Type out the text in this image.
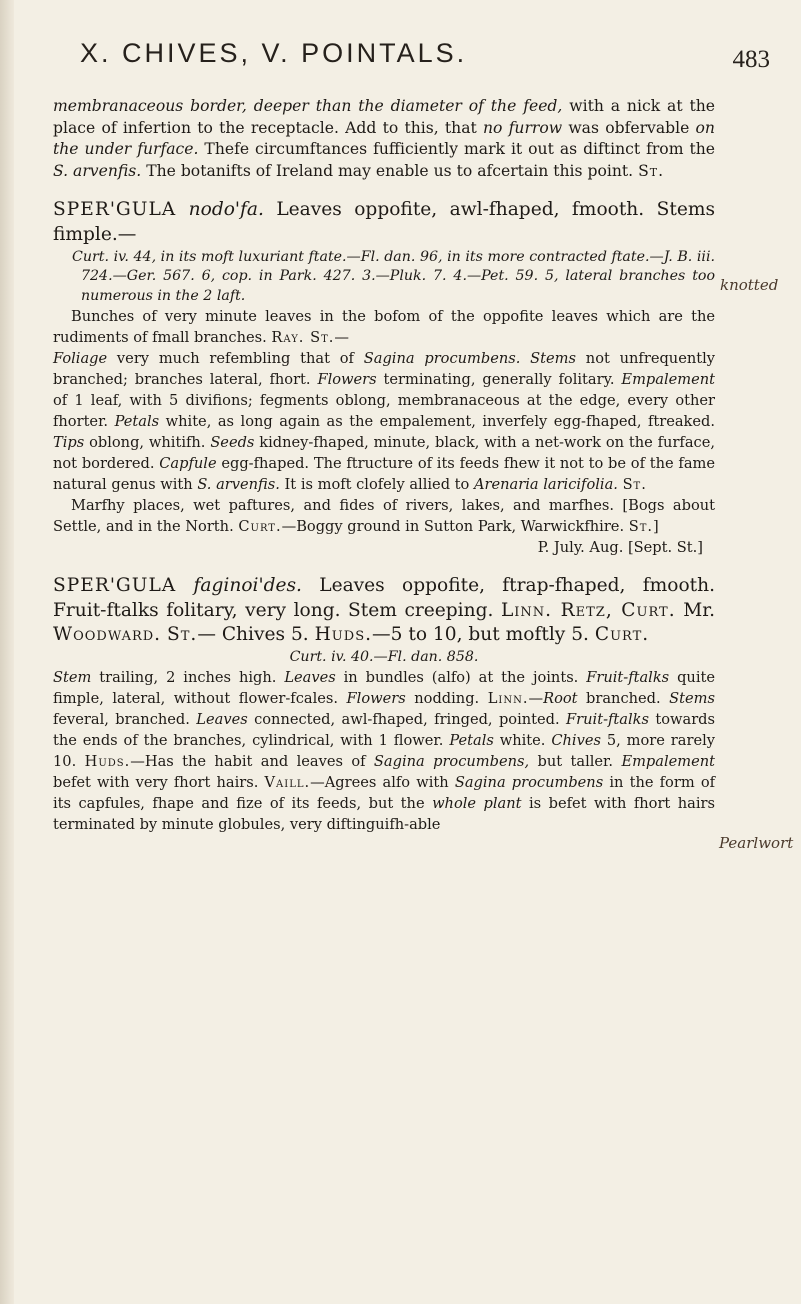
X. CHIVES, V. POINTALS.	483
knotted
Pearlwort

membranaceous border, deeper than the diameter of the feed, with a nick at the place of infertion to the receptacle. Add to this, that no furrow was obfervable on the under furface. Thefe circumftances fufficiently mark it out as diftinct from the S. arvenfis. The botanifts of Ireland may enable us to afcertain this point. St.

SPER'GULA nodo'fa. Leaves oppofite, awl-fhaped, fmooth. Stems fimple.—

Curt. iv. 44, in its moft luxuriant ftate.—Fl. dan. 96, in its more contracted ftate.—J. B. iii. 724.—Ger. 567. 6, cop. in Park. 427. 3.—Pluk. 7. 4.—Pet. 59. 5, lateral branches too numerous in the 2 laft.

Bunches of very minute leaves in the bofom of the oppofite leaves which are the rudiments of fmall branches. Ray. St.—

Foliage very much refembling that of Sagina procumbens. Stems not unfrequently branched; branches lateral, fhort. Flowers terminating, generally folitary. Empalement of 1 leaf, with 5 divifions; fegments oblong, membranaceous at the edge, every other fhorter. Petals white, as long again as the empalement, inverfely egg-fhaped, ftreaked. Tips oblong, whitifh. Seeds kidney-fhaped, minute, black, with a net-work on the furface, not bordered. Capfule egg-fhaped. The ftructure of its feeds fhew it not to be of the fame natural genus with S. arvenfis. It is moft clofely allied to Arenaria laricifolia. St.

Marfhy places, wet paftures, and fides of rivers, lakes, and marfhes. [Bogs about Settle, and in the North. Curt.—Boggy ground in Sutton Park, Warwickfhire. St.]

P. July. Aug. [Sept. St.]

SPER'GULA faginoi'des. Leaves oppofite, ftrap-fhaped, fmooth. Fruit-ftalks folitary, very long. Stem creeping. Linn. Retz, Curt. Mr. Woodward. St.— Chives 5. Huds.—5 to 10, but moftly 5. Curt.

Curt. iv. 40.—Fl. dan. 858.

Stem trailing, 2 inches high. Leaves in bundles (alfo) at the joints. Fruit-ftalks quite fimple, lateral, without flower-fcales. Flowers nodding. Linn.—Root branched. Stems feveral, branched. Leaves connected, awl-fhaped, fringed, pointed. Fruit-ftalks towards the ends of the branches, cylindrical, with 1 flower. Petals white. Chives 5, more rarely 10. Huds.—Has the habit and leaves of Sagina procumbens, but taller. Empalement befet with very fhort hairs. Vaill.—Agrees alfo with Sagina procumbens in the form of its capfules, fhape and fize of its feeds, but the whole plant is befet with fhort hairs terminated by minute globules, very diftinguifh-able
